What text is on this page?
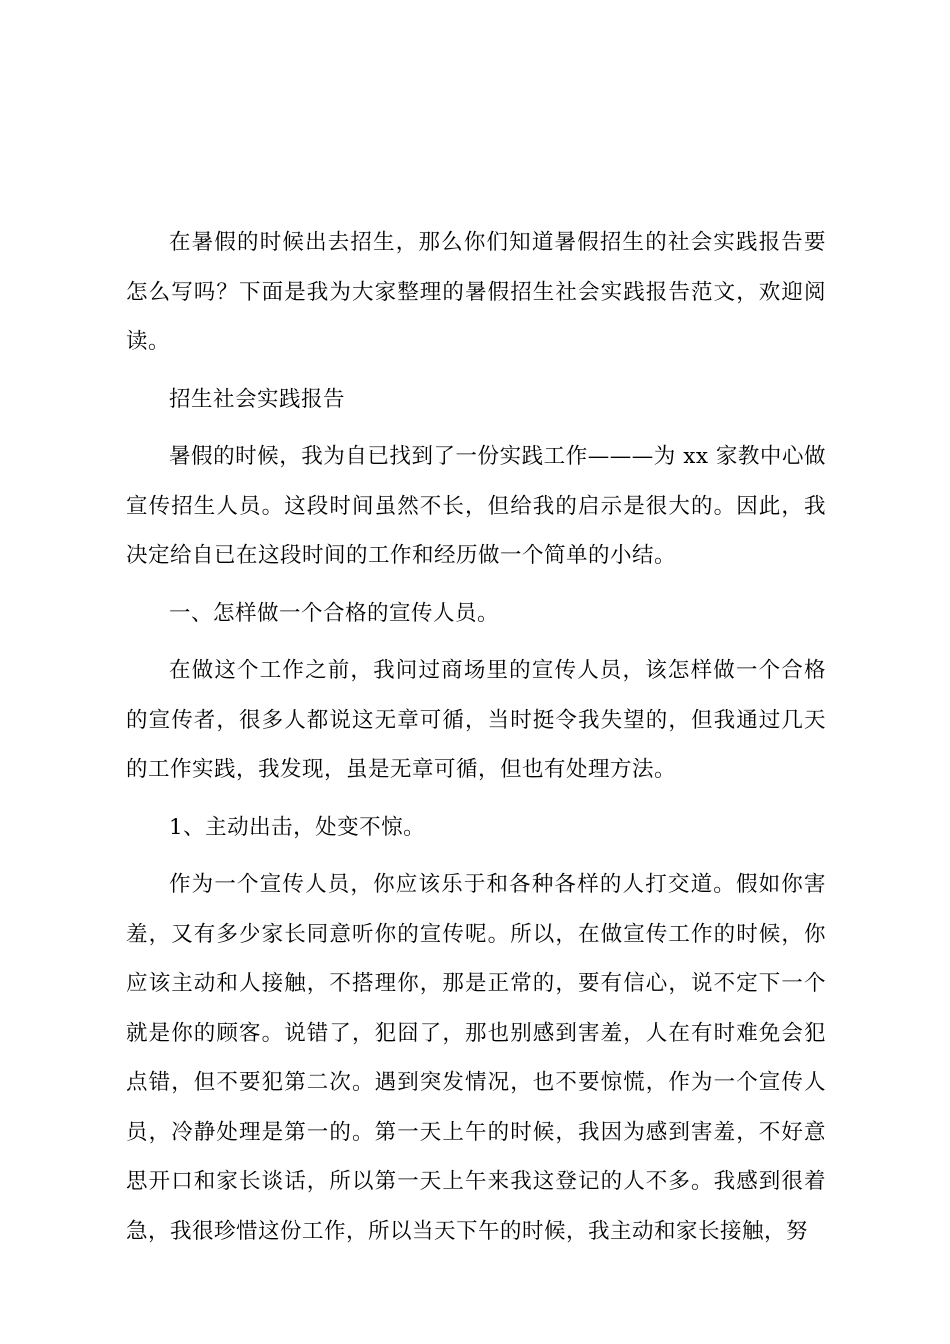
在暑假的时候出去招生，那么你们知道暑假招生的社会实践报告要怎么写吗？下面是我为大家整理的暑假招生社会实践报告范文，欢迎阅读。

招生社会实践报告

暑假的时候，我为自已找到了一份实践工作———为 xx 家教中心做宣传招生人员。这段时间虽然不长，但给我的启示是很大的。因此，我决定给自已在这段时间的工作和经历做一个简单的小结。

一、怎样做一个合格的宣传人员。

在做这个工作之前，我问过商场里的宣传人员，该怎样做一个合格的宣传者，很多人都说这无章可循，当时挺令我失望的，但我通过几天的工作实践，我发现，虽是无章可循，但也有处理方法。

1、主动出击，处变不惊。

作为一个宣传人员，你应该乐于和各种各样的人打交道。假如你害羞，又有多少家长同意听你的宣传呢。所以，在做宣传工作的时候，你应该主动和人接触，不搭理你，那是正常的，要有信心，说不定下一个就是你的顾客。说错了，犯囧了，那也别感到害羞，人在有时难免会犯点错，但不要犯第二次。遇到突发情况，也不要惊慌，作为一个宣传人员，冷静处理是第一的。第一天上午的时候，我因为感到害羞，不好意思开口和家长谈话，所以第一天上午来我这登记的人不多。我感到很着急，我很珍惜这份工作，所以当天下午的时候，我主动和家长接触，努
